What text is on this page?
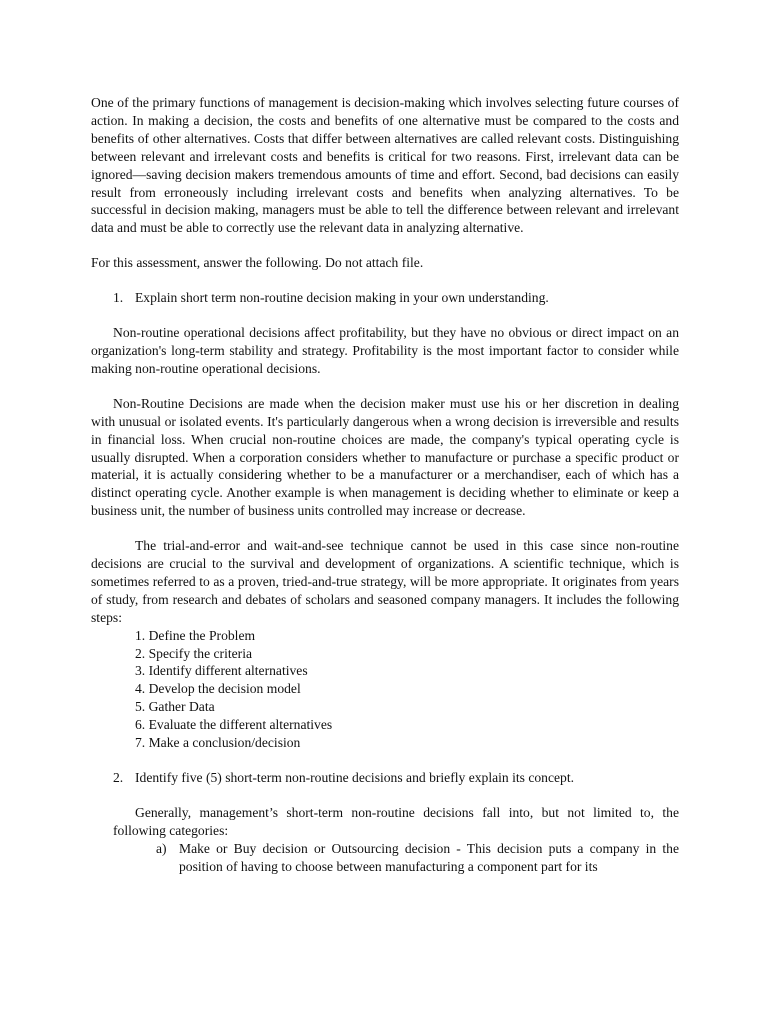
One of the primary functions of management is decision-making which involves selecting future courses of action. In making a decision, the costs and benefits of one alternative must be compared to the costs and benefits of other alternatives. Costs that differ between alternatives are called relevant costs. Distinguishing between relevant and irrelevant costs and benefits is critical for two reasons. First, irrelevant data can be ignored—saving decision makers tremendous amounts of time and effort. Second, bad decisions can easily result from erroneously including irrelevant costs and benefits when analyzing alternatives. To be successful in decision making, managers must be able to tell the difference between relevant and irrelevant data and must be able to correctly use the relevant data in analyzing alternative.

For this assessment, answer the following. Do not attach file.

1. Explain short term non-routine decision making in your own understanding.

Non-routine operational decisions affect profitability, but they have no obvious or direct impact on an organization's long-term stability and strategy. Profitability is the most important factor to consider while making non-routine operational decisions.

Non-Routine Decisions are made when the decision maker must use his or her discretion in dealing with unusual or isolated events. It's particularly dangerous when a wrong decision is irreversible and results in financial loss. When crucial non-routine choices are made, the company's typical operating cycle is usually disrupted. When a corporation considers whether to manufacture or purchase a specific product or material, it is actually considering whether to be a manufacturer or a merchandiser, each of which has a distinct operating cycle. Another example is when management is deciding whether to eliminate or keep a business unit, the number of business units controlled may increase or decrease.

The trial-and-error and wait-and-see technique cannot be used in this case since non-routine decisions are crucial to the survival and development of organizations. A scientific technique, which is sometimes referred to as a proven, tried-and-true strategy, will be more appropriate. It originates from years of study, from research and debates of scholars and seasoned company managers. It includes the following steps:

1. Define the Problem
2. Specify the criteria
3. Identify different alternatives
4. Develop the decision model
5. Gather Data
6. Evaluate the different alternatives
7. Make a conclusion/decision
2. Identify five (5) short-term non-routine decisions and briefly explain its concept.

Generally, management’s short-term non-routine decisions fall into, but not limited to, the following categories:

a) Make or Buy decision or Outsourcing decision - This decision puts a company in the position of having to choose between manufacturing a component part for its
